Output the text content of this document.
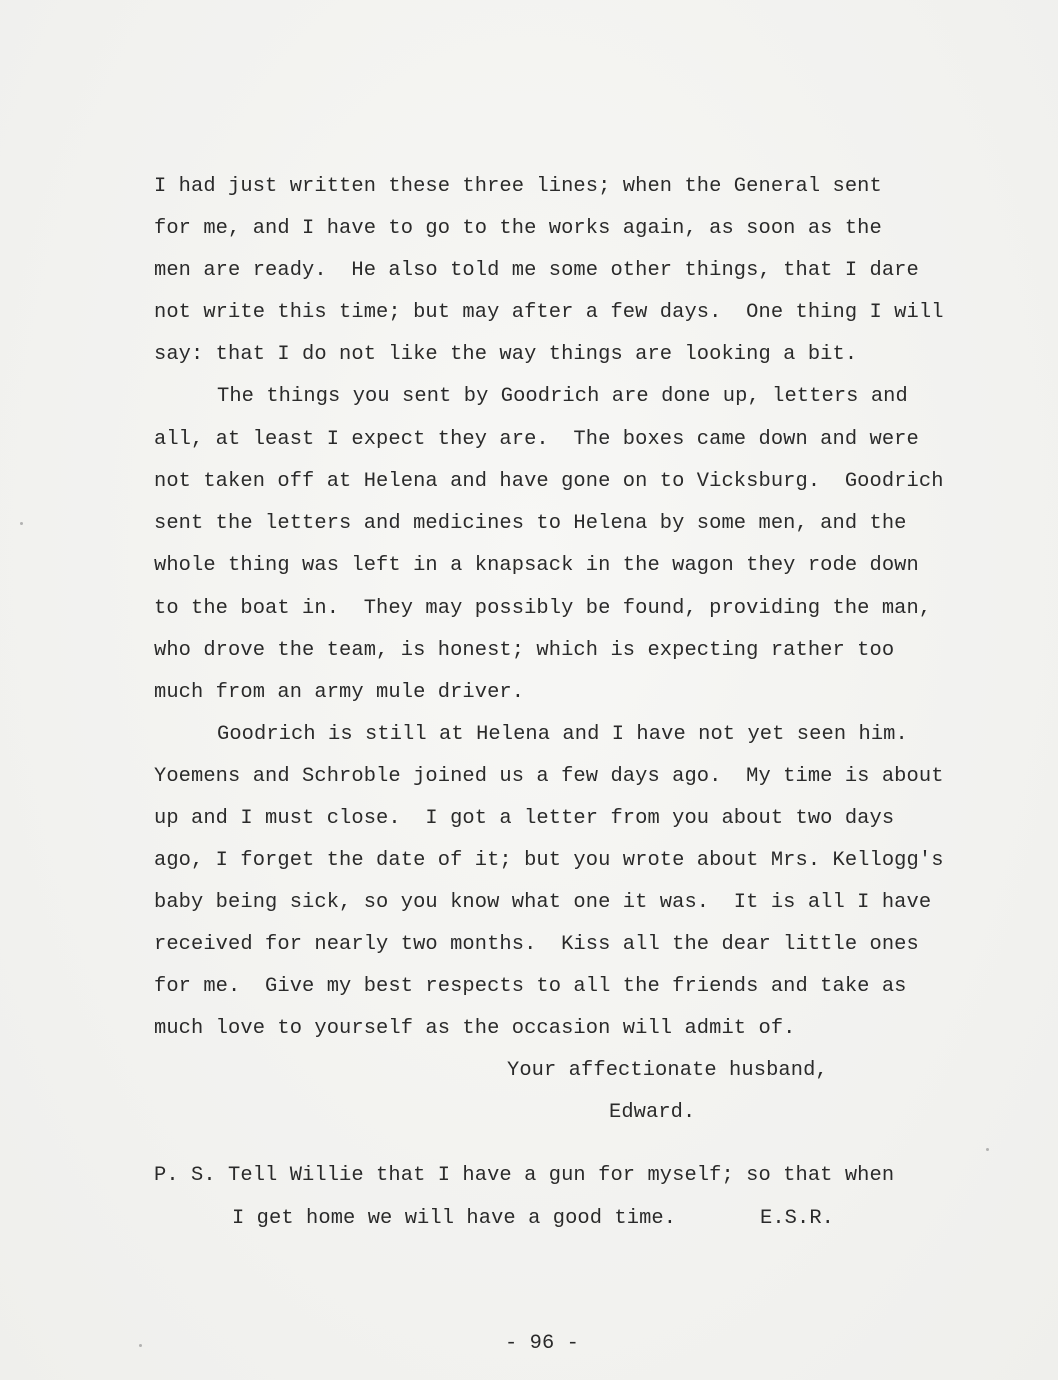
I had just written these three lines; when the General sent
for me, and I have to go to the works again, as soon as the
men are ready.  He also told me some other things, that I dare
not write this time; but may after a few days.  One thing I will
say: that I do not like the way things are looking a bit.
The things you sent by Goodrich are done up, letters and
all, at least I expect they are.  The boxes came down and were
not taken off at Helena and have gone on to Vicksburg.  Goodrich
sent the letters and medicines to Helena by some men, and the
whole thing was left in a knapsack in the wagon they rode down
to the boat in.  They may possibly be found, providing the man,
who drove the team, is honest; which is expecting rather too
much from an army mule driver.
Goodrich is still at Helena and I have not yet seen him.
Yoemens and Schroble joined us a few days ago.  My time is about
up and I must close.  I got a letter from you about two days
ago, I forget the date of it; but you wrote about Mrs. Kellogg's
baby being sick, so you know what one it was.  It is all I have
received for nearly two months.  Kiss all the dear little ones
for me.  Give my best respects to all the friends and take as
much love to yourself as the occasion will admit of.
Your affectionate husband,
Edward.
P. S. Tell Willie that I have a gun for myself; so that when
I get home we will have a good time.	E.S.R.
- 96 -
